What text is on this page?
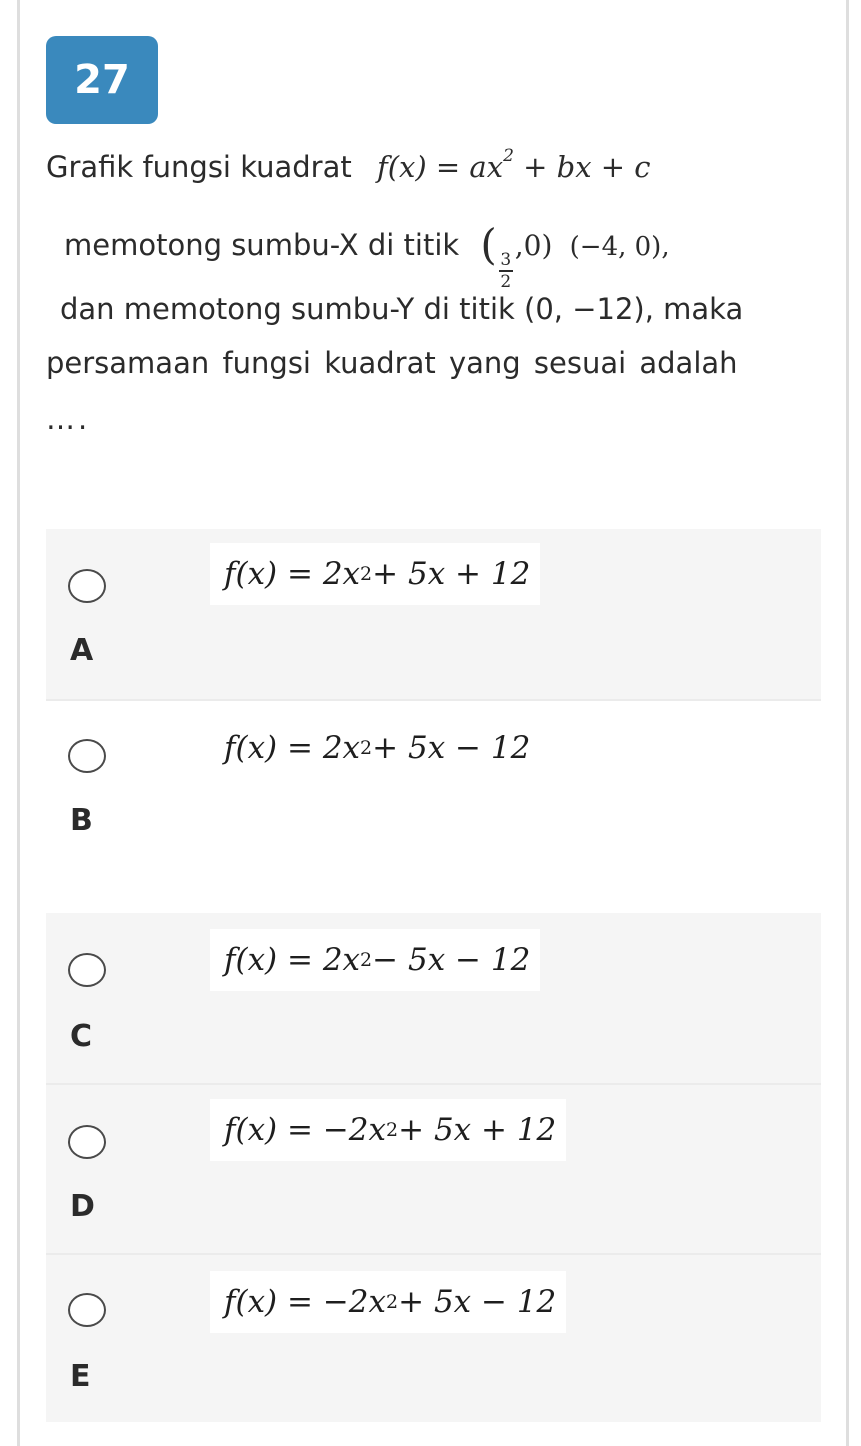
27
Grafik fungsi kuadrat $f(x) = ax^2$ + bx + c
memotong sumbu-X di titik (
$\frac{3}{2}$
,0) (−4, 0),
dan memotong sumbu-Y di titik (0, −12), maka
persamaan fungsi kuadrat yang sesuai adalah
….
f(x) = 2x 2 + 5x + 12
A
f(x) = 2x 2 + 5x − 12
B
f(x) = 2x 2 − 5x − 12
C
f(x) = −2x 2 + 5x + 12
D
f(x) = −2x 2 + 5x − 12
E
